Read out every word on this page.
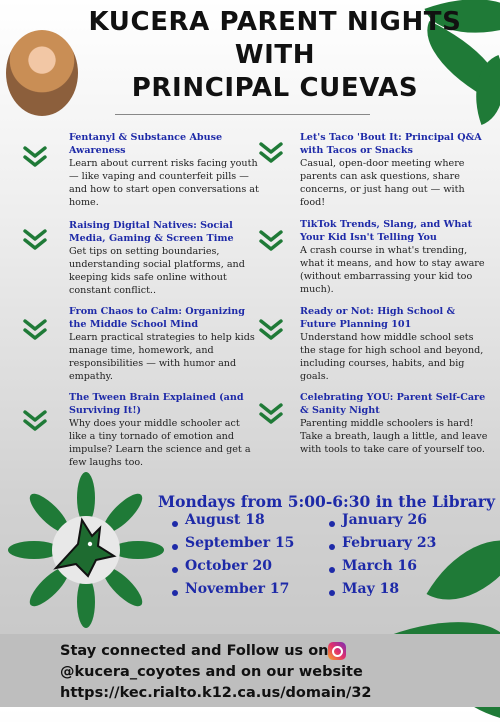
KUCERA PARENT NIGHTS
WITH
PRINCIPAL CUEVAS
Fentanyl & Substance Abuse Awareness
Learn about current risks facing youth — like vaping and counterfeit pills — and how to start open conversations at home.
Raising Digital Natives: Social Media, Gaming & Screen Time
Get tips on setting boundaries, understanding social platforms, and keeping kids safe online without constant conflict..
From Chaos to Calm: Organizing the Middle School Mind
Learn practical strategies to help kids manage time, homework, and responsibilities — with humor and empathy.
The Tween Brain Explained (and Surviving It!)
Why does your middle schooler act like a tiny tornado of emotion and impulse? Learn the science and get a few laughs too.
Let's Taco 'Bout It: Principal Q&A with Tacos or Snacks
Casual, open-door meeting where parents can ask questions, share concerns, or just hang out — with food!
TikTok Trends, Slang, and What Your Kid Isn't Telling You
A crash course in what's trending, what it means, and how to stay aware (without embarrassing your kid too much).
Ready or Not: High School & Future Planning 101
Understand how middle school sets the stage for high school and beyond, including courses, habits, and big goals.
Celebrating YOU: Parent Self-Care & Sanity Night
Parenting middle schoolers is hard! Take a breath, laugh a little, and leave with tools to take care of yourself too.
Mondays from 5:00-6:30 in the Library
August 18
September 15
October 20
November 17
January 26
February 23
March 16
May 18
Stay connected and Follow us on
@kucera_coyotes and on our website
https://kec.rialto.k12.ca.us/domain/32
